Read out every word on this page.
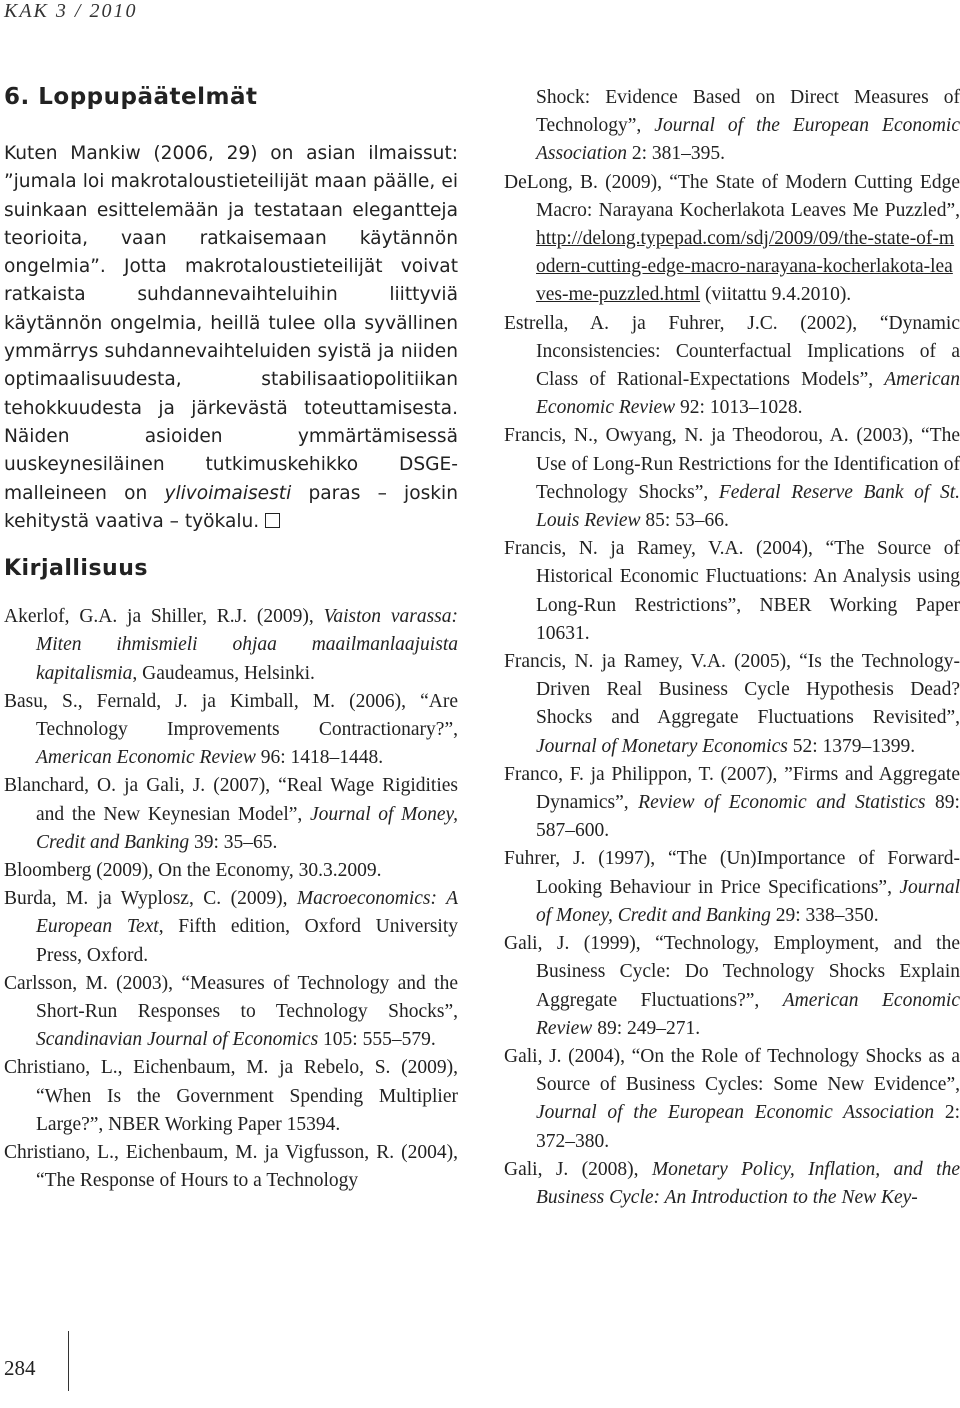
KAK 3 / 2010
6. Loppupäätelmät

Kuten Mankiw (2006, 29) on asian ilmaissut: ”jumala loi makrotaloustieteilijät maan päälle, ei suinkaan esittelemään ja testataan elegantteja teorioita, vaan ratkaisemaan käytännön ongelmia”. Jotta makrotaloustieteilijät voivat ratkaista suhdannevaihteluihin liittyviä käytännön ongelmia, heillä tulee olla syvällinen ymmärrys suhdannevaihteluiden syistä ja niiden optimaalisuudesta, stabilisaatiopolitiikan tehokkuudesta ja järkevästä toteuttamisesta. Näiden asioiden ymmärtämisessä uuskeynesiläinen tutkimuskehikko DSGE-malleineen on ylivoimaisesti paras – joskin kehitystä vaativa – työkalu.

Kirjallisuus

Akerlof, G.A. ja Shiller, R.J. (2009), Vaiston varassa: Miten ihmismieli ohjaa maailmanlaajuista kapitalismia, Gaudeamus, Helsinki.

Basu, S., Fernald, J. ja Kimball, M. (2006), “Are Technology Improvements Contractionary?”, American Economic Review 96: 1418–1448.

Blanchard, O. ja Gali, J. (2007), “Real Wage Rigidities and the New Keynesian Model”, Journal of Money, Credit and Banking 39: 35–65.

Bloomberg (2009), On the Economy, 30.3.2009.

Burda, M. ja Wyplosz, C. (2009), Macroeconomics: A European Text, Fifth edition, Oxford University Press, Oxford.

Carlsson, M. (2003), “Measures of Technology and the Short-Run Responses to Technology Shocks”, Scandinavian Journal of Economics 105: 555–579.

Christiano, L., Eichenbaum, M. ja Rebelo, S. (2009), “When Is the Government Spending Multiplier Large?”, NBER Working Paper 15394.

Christiano, L., Eichenbaum, M. ja Vigfusson, R. (2004), “The Response of Hours to a Technology

Shock: Evidence Based on Direct Measures of Technology”, Journal of the European Economic Association 2: 381–395.

DeLong, B. (2009), “The State of Modern Cutting Edge Macro: Narayana Kocherlakota Leaves Me Puzzled”, http://delong.typepad.com/sdj/2009/09/the-state-of-modern-cutting-edge-macro-narayana-kocherlakota-leaves-me-puzzled.html (viitattu 9.4.2010).

Estrella, A. ja Fuhrer, J.C. (2002), “Dynamic Inconsistencies: Counterfactual Implications of a Class of Rational-Expectations Models”, American Economic Review 92: 1013–1028.

Francis, N., Owyang, N. ja Theodorou, A. (2003), “The Use of Long-Run Restrictions for the Identification of Technology Shocks”, Federal Reserve Bank of St. Louis Review 85: 53–66.

Francis, N. ja Ramey, V.A. (2004), “The Source of Historical Economic Fluctuations: An Analysis using Long-Run Restrictions”, NBER Working Paper 10631.

Francis, N. ja Ramey, V.A. (2005), “Is the Technology-Driven Real Business Cycle Hypothesis Dead? Shocks and Aggregate Fluctuations Revisited”, Journal of Monetary Economics 52: 1379–1399.

Franco, F. ja Philippon, T. (2007), ”Firms and Aggregate Dynamics”, Review of Economic and Statistics 89: 587–600.

Fuhrer, J. (1997), “The (Un)Importance of Forward-Looking Behaviour in Price Specifications”, Journal of Money, Credit and Banking 29: 338–350.

Gali, J. (1999), “Technology, Employment, and the Business Cycle: Do Technology Shocks Explain Aggregate Fluctuations?”, American Economic Review 89: 249–271.

Gali, J. (2004), “On the Role of Technology Shocks as a Source of Business Cycles: Some New Evidence”, Journal of the European Economic Association 2: 372–380.

Gali, J. (2008), Monetary Policy, Inflation, and the Business Cycle: An Introduction to the New Key-

284
